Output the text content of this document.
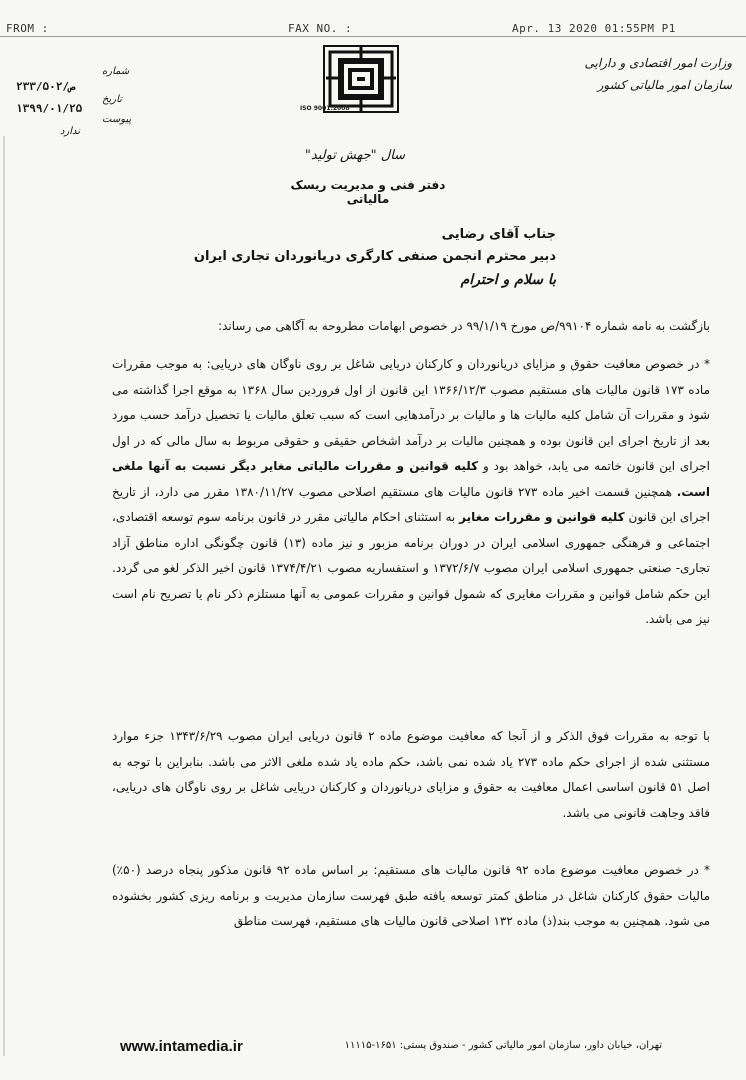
FROM :	FAX NO. :	Apr. 13 2020 01:55PM P1
ISO 9001:2008
وزارت امور اقتصادی و دارایی
سازمان امور مالیاتی کشور
شماره
۲۳۳/۵۰۲/ص
تاریخ
۱۳۹۹/۰۱/۲۵
پیوست
ندارد
سال "جهش تولید"
دفتر فنی و مدیریت ریسک مالیاتی
جناب آقای رضایی
دبیر محترم انجمن صنفی کارگری دریانوردان تجاری ایران
با سلام و احترام
بازگشت به نامه شماره ۹۹۱۰۴/ص مورخ ۹۹/۱/۱۹ در خصوص ابهامات مطروحه به آگاهی می رساند:
* در خصوص معافیت حقوق و مزایای دریانوردان و کارکنان دریایی شاغل بر روی ناوگان های دریایی: به موجب مقررات ماده ۱۷۳ قانون مالیات های مستقیم مصوب ۱۳۶۶/۱۲/۳ این قانون از اول فروردین سال ۱۳۶۸ به موقع اجرا گذاشته می شود و مقررات آن شامل کلیه مالیات ها و مالیات بر درآمدهایی است که سبب تعلق مالیات یا تحصیل درآمد حسب مورد بعد از تاریخ اجرای این قانون بوده و همچنین مالیات بر درآمد اشخاص حقیقی و حقوقی مربوط به سال مالی که در اول اجرای این قانون خاتمه می یابد، خواهد بود و کلیه قوانین و مقررات مالیاتی مغایر دیگر نسبت به آنها ملغی است. همچنین قسمت اخیر ماده ۲۷۳ قانون مالیات های مستقیم اصلاحی مصوب ۱۳۸۰/۱۱/۲۷ مقرر می دارد، از تاریخ اجرای این قانون کلیه قوانین و مقررات مغایر به استثنای احکام مالیاتی مقرر در قانون برنامه سوم توسعه اقتصادی، اجتماعی و فرهنگی جمهوری اسلامی ایران در دوران برنامه مزبور و نیز ماده (۱۳) قانون چگونگی اداره مناطق آزاد تجاری- صنعتی جمهوری اسلامی ایران مصوب ۱۳۷۲/۶/۷ و استفساریه مصوب ۱۳۷۴/۴/۲۱ قانون اخیر الذکر لغو می گردد. این حکم شامل قوانین و مقررات مغایری که شمول قوانین و مقررات عمومی به آنها مستلزم ذکر نام یا تصریح نام است نیز می باشد.
با توجه به مقررات فوق الذکر و از آنجا که معافیت موضوع ماده ۲ قانون دریایی ایران مصوب ۱۳۴۳/۶/۲۹ جزء موارد مستثنی شده از اجرای حکم ماده ۲۷۳ یاد شده نمی باشد، حکم ماده یاد شده ملغی الاثر می باشد. بنابراین با توجه به اصل ۵۱ قانون اساسی اعمال معافیت به حقوق و مزایای دریانوردان و کارکنان دریایی شاغل بر روی ناوگان های دریایی، فاقد وجاهت قانونی می باشد.
* در خصوص معافیت موضوع ماده ۹۲ قانون مالیات های مستقیم: بر اساس ماده ۹۲ قانون مذکور پنجاه درصد (۵۰٪) مالیات حقوق کارکنان شاغل در مناطق کمتر توسعه یافته طبق فهرست سازمان مدیریت و برنامه ریزی کشور بخشوده می شود. همچنین به موجب بند(ذ) ماده ۱۳۲ اصلاحی قانون مالیات های مستقیم، فهرست مناطق
www.intamedia.ir	تهران، خیابان داور، سازمان امور مالیاتی کشور - صندوق پستی: ۱۶۵۱-۱۱۱۱۵
